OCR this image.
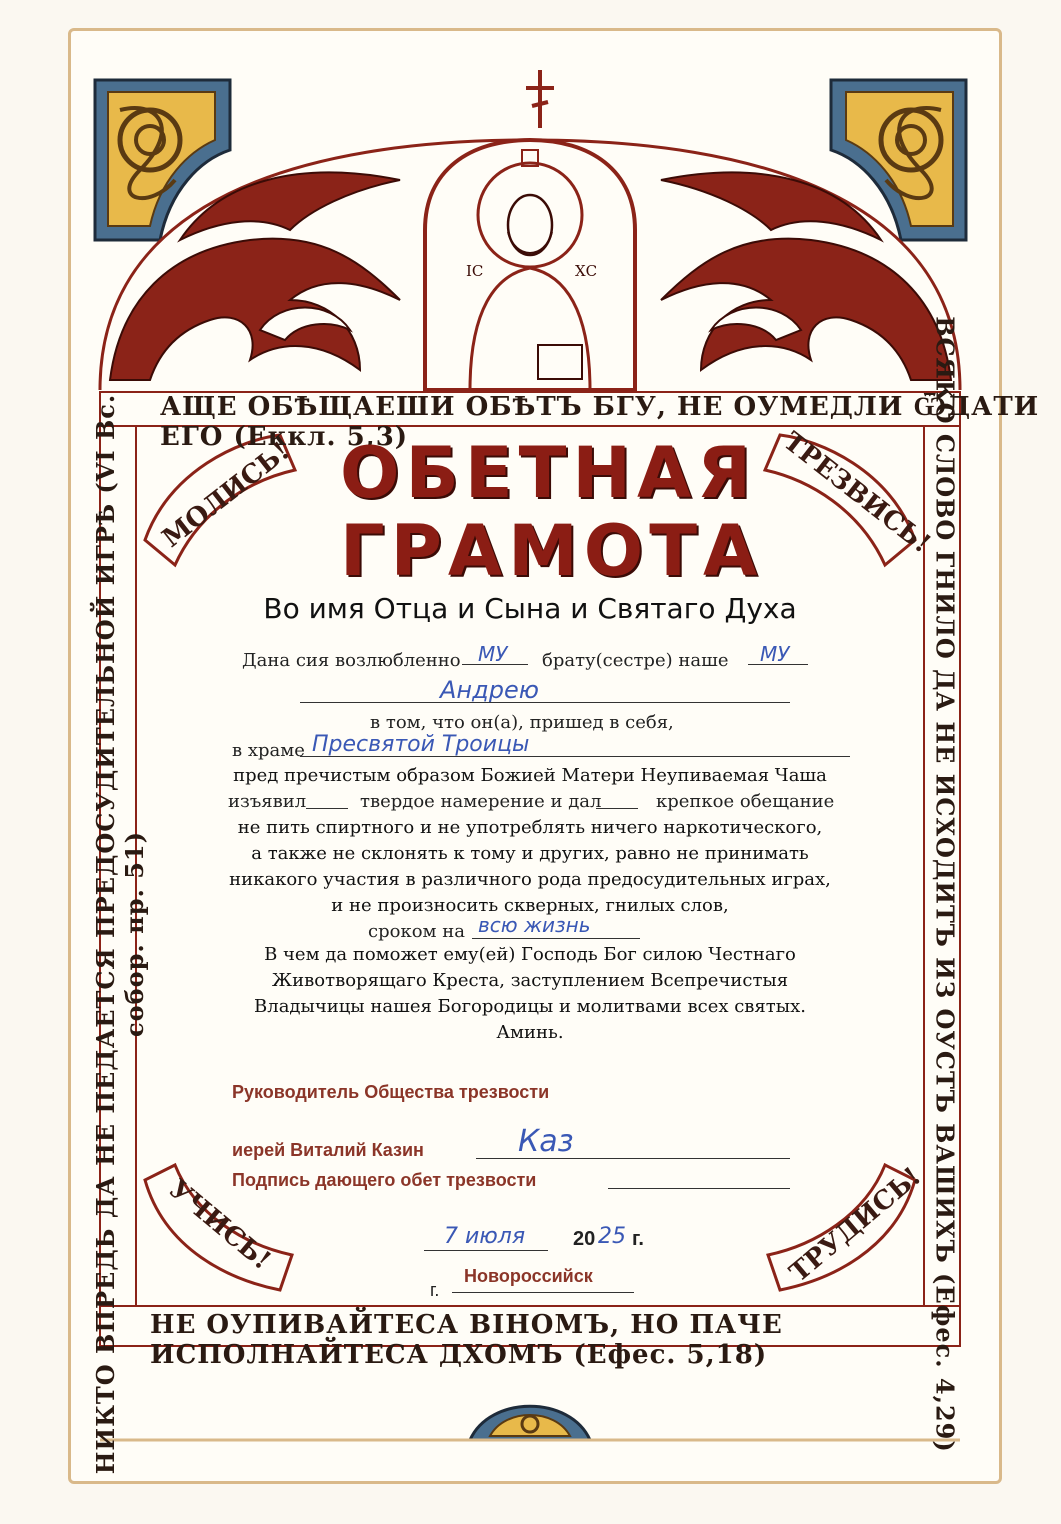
АЩЕ ОБѢЩАЕШИ ОБѢТЪ БГУ, НЕ ОУМЕДЛИ ѾДАТИ ЕГО (Еккл. 5,3)
НЕ ОУПИВАЙТЕСА ВІНОМЪ, НО ПАЧЕ ИСПОЛНАЙТЕСА ДХОМЪ (Ефес. 5,18)
НИКТО ВПРЕДЬ ДА НЕ ПЕДАЕТСЯ ПРЕДОСУДИТЕЛЬНОЙ ИГРѢ (VI Вс. собор. пр. 51)	ВСЯКО СЛОВО ГНИЛО ДА НЕ ИСХОДИТЪ ИЗ ОУСТЪ ВАШИХЪ (Ефес. 4,29)
IС	ХС
МОЛИСЬ!	ТРЕЗВИСЬ!
УЧИСЬ!	ТРУДИСЬ!
ОБЕТНАЯ
ГРАМОТА
Во имя Отца и Сына и Святаго Духа
Дана сия возлюбленно МУ брату(сестре) наше МУ
Андрею
в том, что он(а), пришед в себя,
в храме Пресвятой Троицы
пред пречистым образом Божией Матери Неупиваемая Чаша
изъявил	твердое намерение и дал	крепкое обещание
не пить спиртного и не употреблять ничего наркотического,
а также не склонять к тому и других, равно не принимать
никакого участия в различного рода предосудительных играх,
и не произносить скверных, гнилых слов,
сроком на всю жизнь
В чем да поможет ему(ей) Господь Бог силою Честнаго
Животворящаго Креста, заступлением Всепречистыя
Владычицы нашея Богородицы и молитвами всех святых.
Аминь.
Руководитель Общества трезвости
иерей Виталий Казин	Каз
Подпись дающего обет трезвости
7 июля 20 25 г.
г.
Новороссийск
